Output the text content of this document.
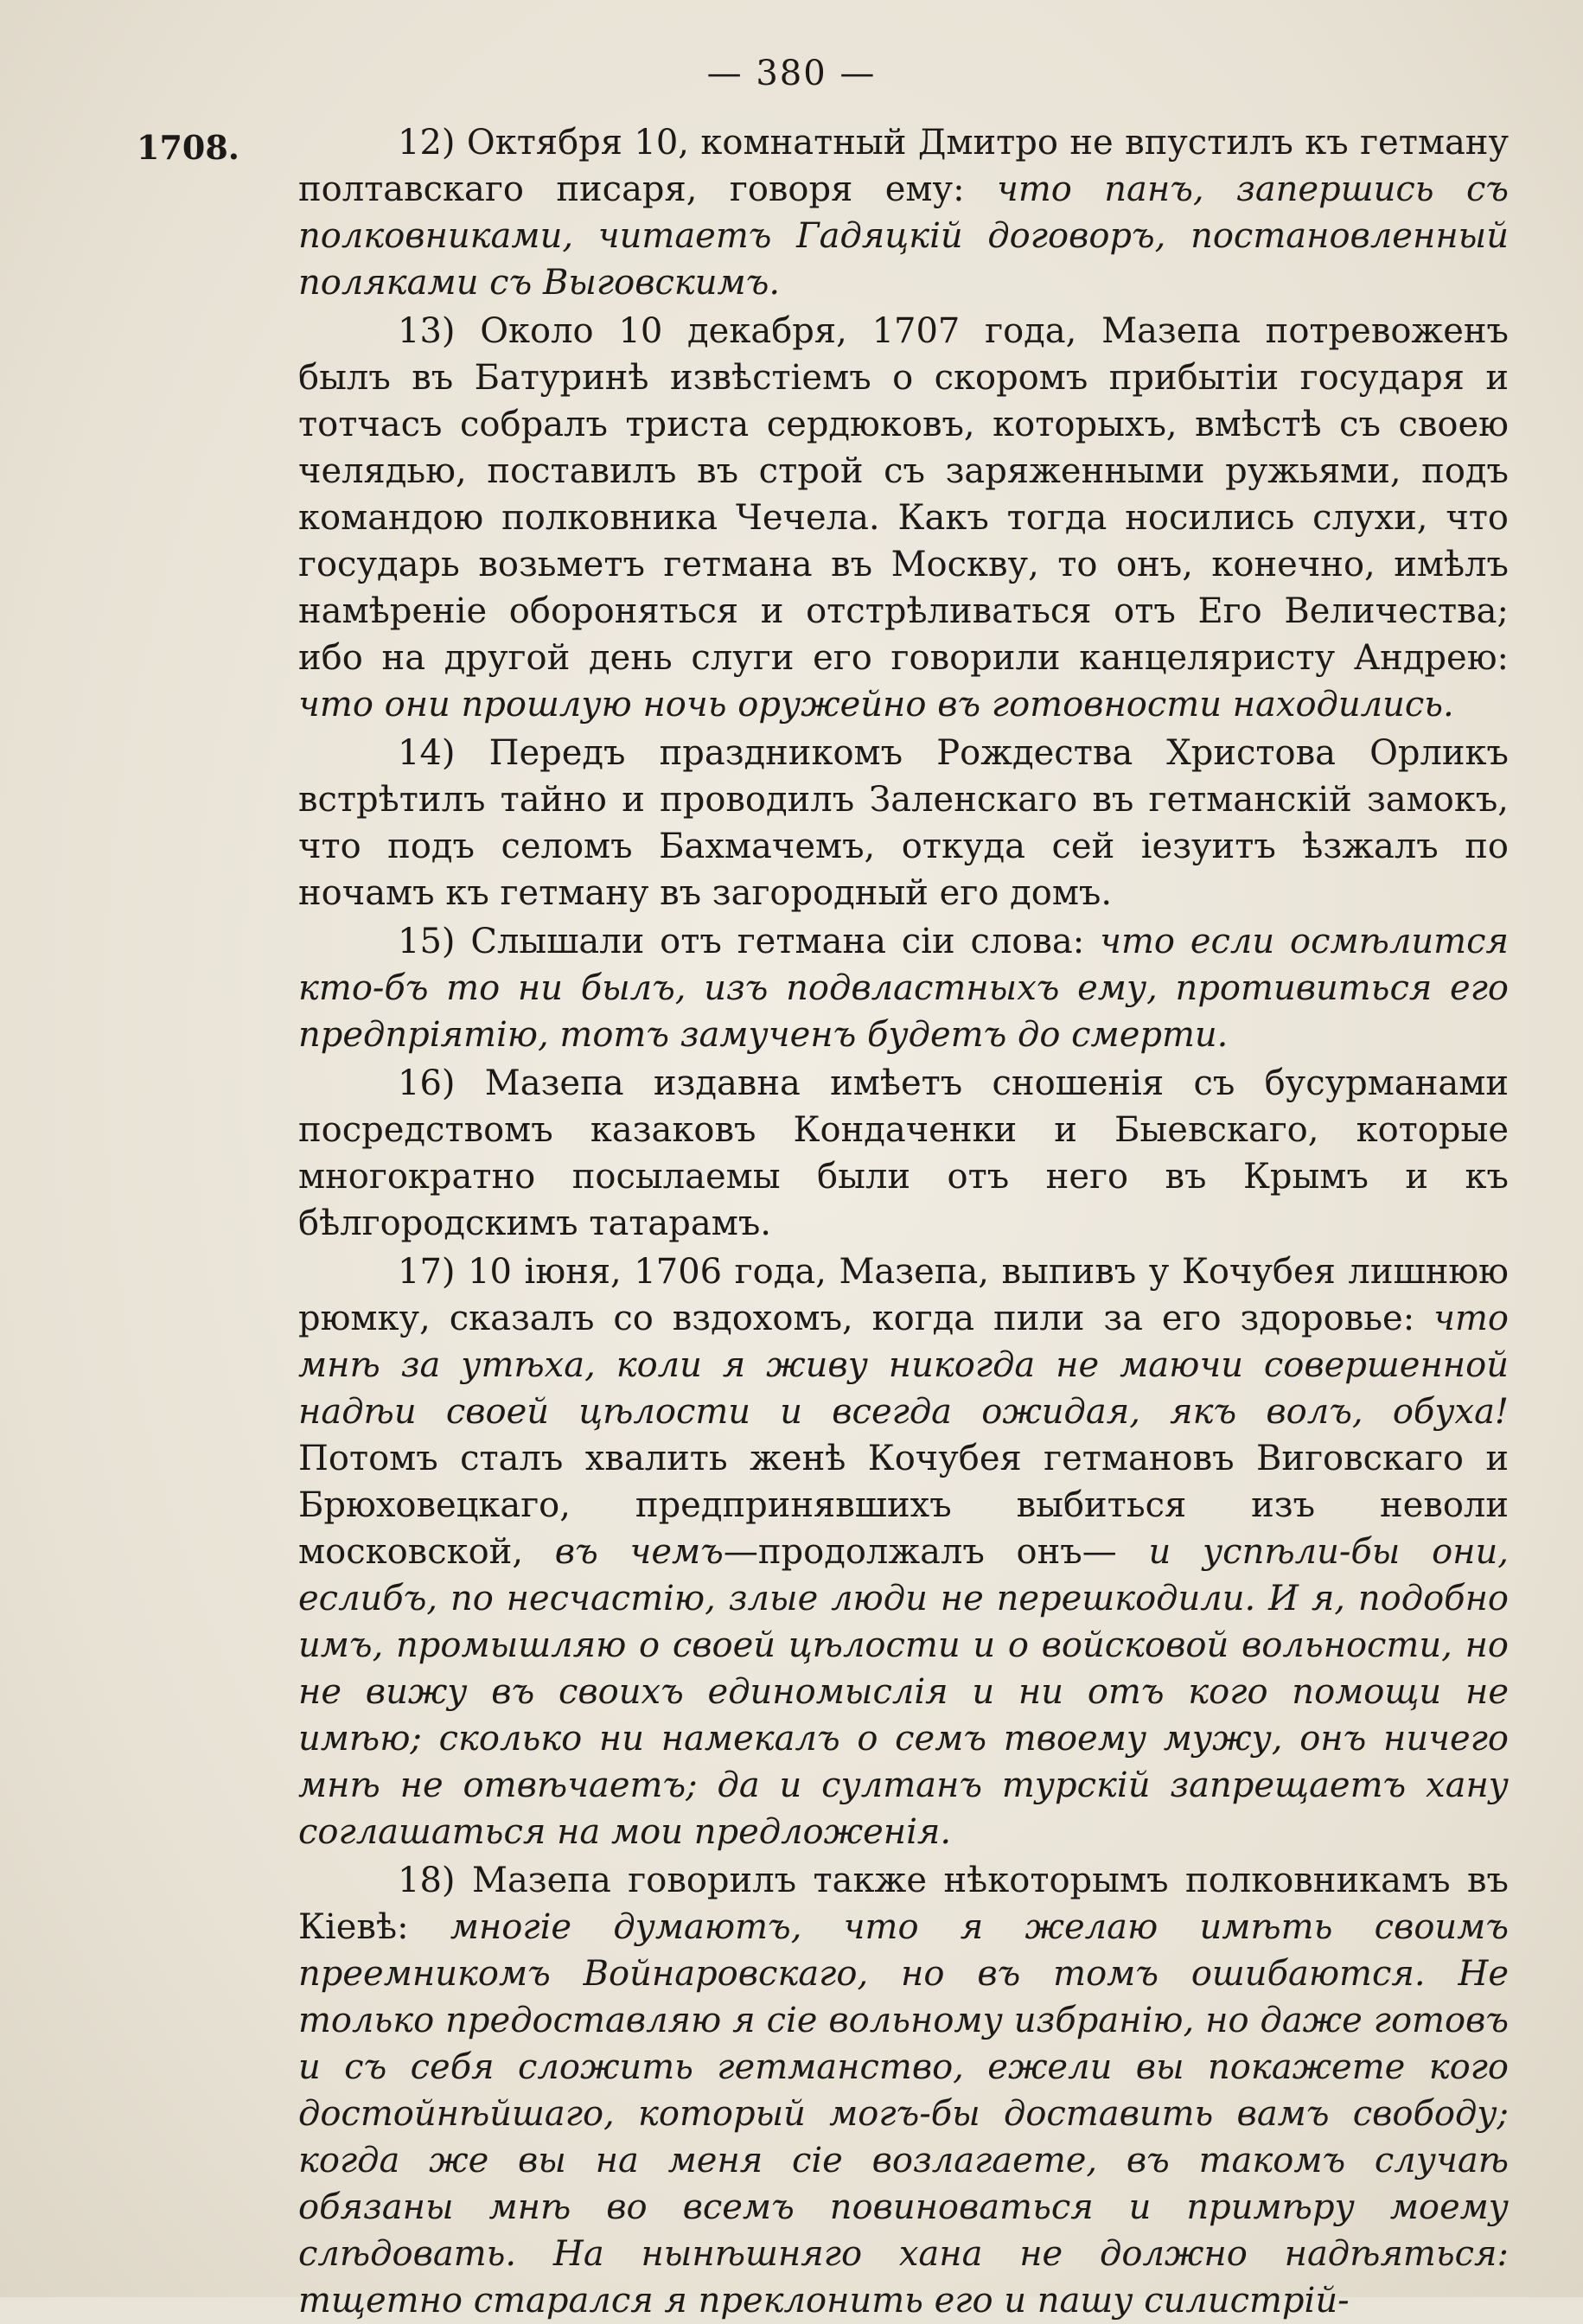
— 380 —
1708.	12) Октября 10, комнатный Дмитро не впустилъ къ гетману полтавскаго писаря, говоря ему: что панъ, запершись съ полковниками, читаетъ Гадяцкій договоръ, постановленный поляками съ Выговскимъ.

13) Около 10 декабря, 1707 года, Мазепа потревоженъ былъ въ Батуринѣ извѣстіемъ о скоромъ прибытіи государя и тотчасъ собралъ триста сердюковъ, которыхъ, вмѣстѣ съ своею челядью, поставилъ въ строй съ заряженными ружьями, подъ командою полковника Чечела. Какъ тогда носились слухи, что государь возьметъ гетмана въ Москву, то онъ, конечно, имѣлъ намѣреніе обороняться и отстрѣливаться отъ Его Величества; ибо на другой день слуги его говорили канцеляристу Андрею: что они прошлую ночь оружейно въ готовности находились.

14) Передъ праздникомъ Рождества Христова Орликъ встрѣтилъ тайно и проводилъ Заленскаго въ гетманскій замокъ, что подъ селомъ Бахмачемъ, откуда сей іезуитъ ѣзжалъ по ночамъ къ гетману въ загородный его домъ.

15) Слышали отъ гетмана сіи слова: что если осмѣлится кто-бъ то ни былъ, изъ подвластныхъ ему, противиться его предпріятію, тотъ замученъ будетъ до смерти.

16) Мазепа издавна имѣетъ сношенія съ бусурманами посредствомъ казаковъ Кондаченки и Быевскаго, которые многократно посылаемы были отъ него въ Крымъ и къ бѣлгородскимъ татарамъ.

17) 10 іюня, 1706 года, Мазепа, выпивъ у Кочубея лишнюю рюмку, сказалъ со вздохомъ, когда пили за его здоровье: что мнѣ за утѣха, коли я живу никогда не маючи совершенной надѣи своей цѣлости и всегда ожидая, якъ волъ, обуха! Потомъ сталъ хвалить женѣ Кочубея гетмановъ Виговскаго и Брюховецкаго, предпринявшихъ выбиться изъ неволи московской, въ чемъ—продолжалъ онъ— и успѣли-бы они, еслибъ, по несчастію, злые люди не перешкодили. И я, подобно имъ, промышляю о своей цѣлости и о войсковой вольности, но не вижу въ своихъ единомыслія и ни отъ кого помощи не имѣю; сколько ни намекалъ о семъ твоему мужу, онъ ничего мнѣ не отвѣчаетъ; да и султанъ турскій запрещаетъ хану соглашаться на мои предложенія.

18) Мазепа говорилъ также нѣкоторымъ полковникамъ въ Кіевѣ: многіе думаютъ, что я желаю имѣть своимъ преемникомъ Войнаровскаго, но въ томъ ошибаются. Не только предоставляю я сіе вольному избранію, но даже готовъ и съ себя сложить гетманство, ежели вы покажете кого достойнѣйшаго, который могъ-бы доставить вамъ свободу; когда же вы на меня сіе возлагаете, въ такомъ случаѣ обязаны мнѣ во всемъ повиноваться и примѣру моему слѣдовать. На нынѣшняго хана не должно надѣяться: тщетно старался я преклонить его и пашу силистрій-
